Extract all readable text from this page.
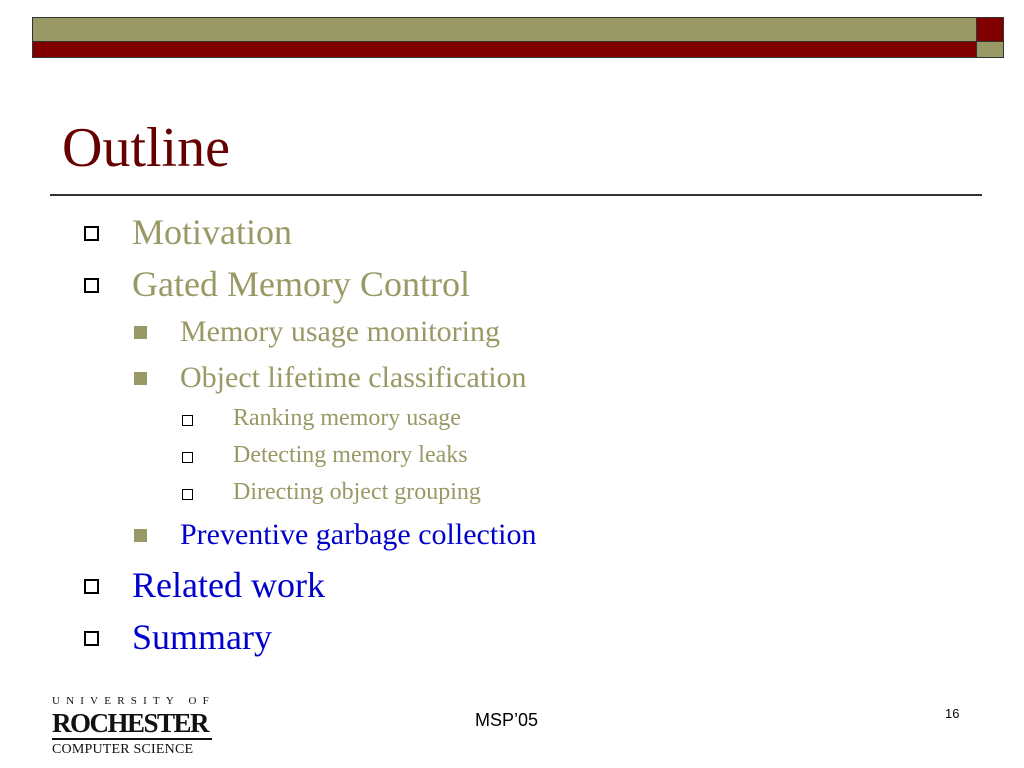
Outline
Motivation
Gated Memory Control
Memory usage monitoring
Object lifetime classification
Ranking memory usage
Detecting memory leaks
Directing object grouping
Preventive garbage collection
Related work
Summary
UNIVERSITY OF
ROCHESTER
COMPUTER SCIENCE
MSP’05	16
